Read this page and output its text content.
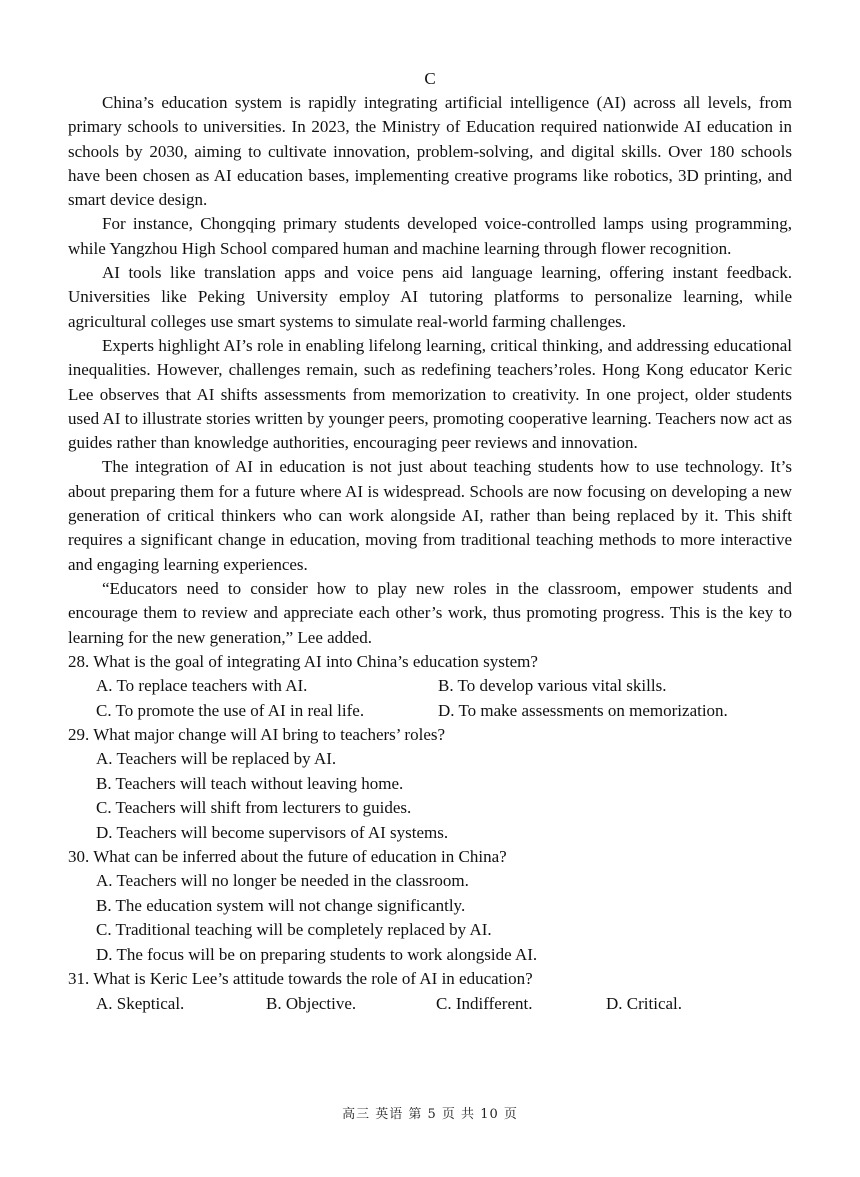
C

China’s education system is rapidly integrating artificial intelligence (AI) across all levels, from primary schools to universities. In 2023, the Ministry of Education required nationwide AI education in schools by 2030, aiming to cultivate innovation, problem-solving, and digital skills. Over 180 schools have been chosen as AI education bases, implementing creative programs like robotics, 3D printing, and smart device design.

For instance, Chongqing primary students developed voice-controlled lamps using programming, while Yangzhou High School compared human and machine learning through flower recognition.

AI tools like translation apps and voice pens aid language learning, offering instant feedback. Universities like Peking University employ AI tutoring platforms to personalize learning, while agricultural colleges use smart systems to simulate real-world farming challenges.

Experts highlight AI’s role in enabling lifelong learning, critical thinking, and addressing educational inequalities. However, challenges remain, such as redefining teachers’roles. Hong Kong educator Keric Lee observes that AI shifts assessments from memorization to creativity. In one project, older students used AI to illustrate stories written by younger peers, promoting cooperative learning. Teachers now act as guides rather than knowledge authorities, encouraging peer reviews and innovation.

The integration of AI in education is not just about teaching students how to use technology. It’s about preparing them for a future where AI is widespread. Schools are now focusing on developing a new generation of critical thinkers who can work alongside AI, rather than being replaced by it. This shift requires a significant change in education, moving from traditional teaching methods to more interactive and engaging learning experiences.

“Educators need to consider how to play new roles in the classroom, empower students and encourage them to review and appreciate each other’s work, thus promoting progress. This is the key to learning for the new generation,” Lee added.

28. What is the goal of integrating AI into China’s education system?
A. To replace teachers with AI.	B. To develop various vital skills.
C. To promote the use of AI in real life.	D. To make assessments on memorization.
29. What major change will AI bring to teachers’ roles?
A. Teachers will be replaced by AI.
B. Teachers will teach without leaving home.
C. Teachers will shift from lecturers to guides.
D. Teachers will become supervisors of AI systems.
30. What can be inferred about the future of education in China?
A. Teachers will no longer be needed in the classroom.
B. The education system will not change significantly.
C. Traditional teaching will be completely replaced by AI.
D. The focus will be on preparing students to work alongside AI.
31. What is Keric Lee’s attitude towards the role of AI in education?
A. Skeptical.	B. Objective.	C. Indifferent.	D. Critical.
高三 英语 第 5 页 共 10 页
